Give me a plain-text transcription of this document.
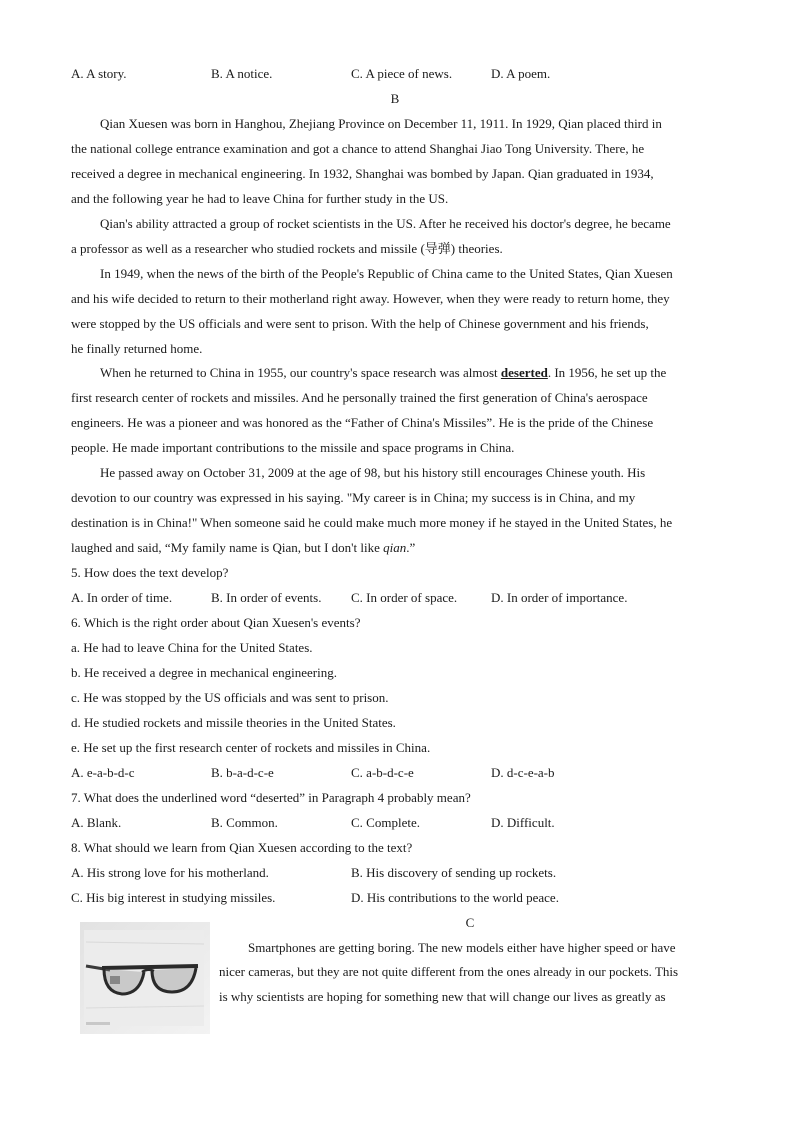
A. A story.	B. A notice.	C. A piece of news.	D. A poem.
B
Qian Xuesen was born in Hanghou, Zhejiang Province on December 11, 1911. In 1929, Qian placed third in
the national college entrance examination and got a chance to attend Shanghai Jiao Tong University. There, he
received a degree in mechanical engineering. In 1932, Shanghai was bombed by Japan. Qian graduated in 1934,
and the following year he had to leave China for further study in the US.
Qian's ability attracted a group of rocket scientists in the US. After he received his doctor's degree, he became
a professor as well as a researcher who studied rockets and missile (导弹) theories.
In 1949, when the news of the birth of the People's Republic of China came to the United States, Qian Xuesen
and his wife decided to return to their motherland right away. However, when they were ready to return home, they
were stopped by the US officials and were sent to prison. With the help of Chinese government and his friends,
he finally returned home.
When he returned to China in 1955, our country's space research was almost deserted. In 1956, he set up the
first research center of rockets and missiles. And he personally trained the first generation of China's aerospace
engineers. He was a pioneer and was honored as the “Father of China's Missiles”. He is the pride of the Chinese
people. He made important contributions to the missile and space programs in China.
He passed away on October 31, 2009 at the age of 98, but his history still encourages Chinese youth. His
devotion to our country was expressed in his saying. "My career is in China; my success is in China, and my
destination is in China!" When someone said he could make much more money if he stayed in the United States, he
laughed and said, “My family name is Qian, but I don't like qian.”
5. How does the text develop?
A. In order of time.	B. In order of events. C. In order of space.	D. In order of importance.
6. Which is the right order about Qian Xuesen's events?
a. He had to leave China for the United States.
b. He received a degree in mechanical engineering.
c. He was stopped by the US officials and was sent to prison.
d. He studied rockets and missile theories in the United States.
e. He set up the first research center of rockets and missiles in China.
A. e-a-b-d-c	B. b-a-d-c-e	C. a-b-d-c-e	D. d-c-e-a-b
7. What does the underlined word “deserted” in Paragraph 4 probably mean?
A. Blank.	B. Common.	C. Complete.	D. Difficult.
8. What should we learn from Qian Xuesen according to the text?
A. His strong love for his motherland.	B. His discovery of sending up rockets.
C. His big interest in studying missiles.	D. His contributions to the world peace.
C
Smartphones are getting boring. The new models either have higher speed or have
nicer cameras, but they are not quite different from the ones already in our pockets. This
is why scientists are hoping for something new that will change our lives as greatly as
